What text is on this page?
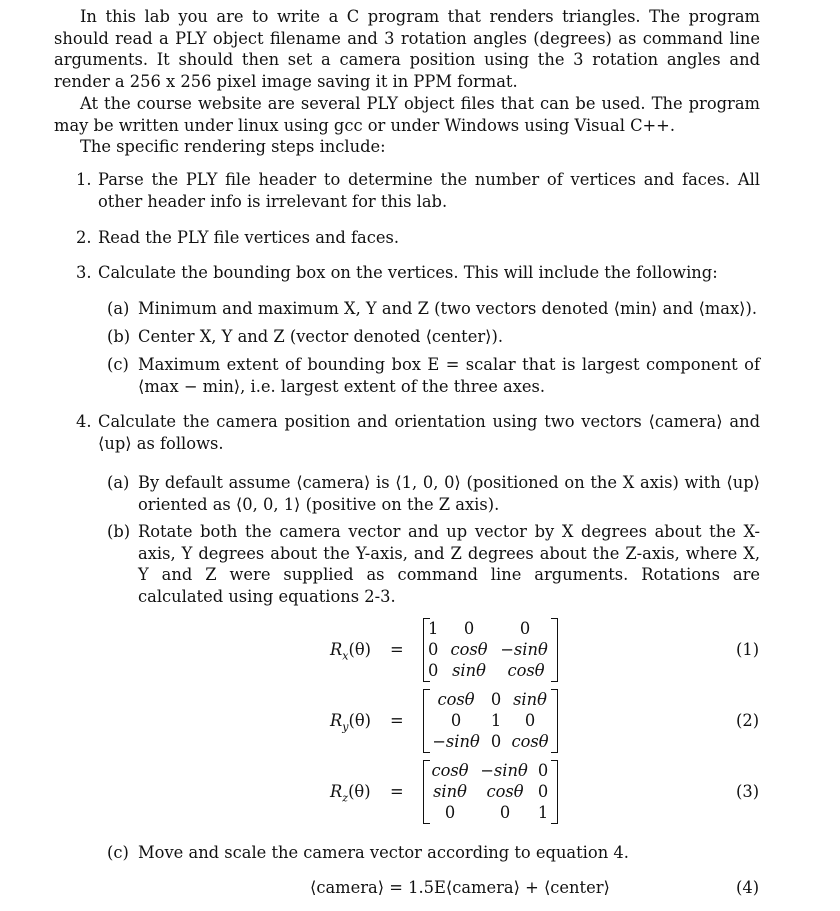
In this lab you are to write a C program that renders triangles. The program should read a PLY object filename and 3 rotation angles (degrees) as command line arguments. It should then set a camera position using the 3 rotation angles and render a 256 x 256 pixel image saving it in PPM format.

At the course website are several PLY object files that can be used. The program may be written under linux using gcc or under Windows using Visual C++.

The specific rendering steps include:

1. Parse the PLY file header to determine the number of vertices and faces. All other header info is irrelevant for this lab.
2. Read the PLY file vertices and faces.
3. Calculate the bounding box on the vertices. This will include the following:
(a) Minimum and maximum X, Y and Z (two vectors denoted ⟨min⟩ and ⟨max⟩).
(b) Center X, Y and Z (vector denoted ⟨center⟩).
(c) Maximum extent of bounding box E = scalar that is largest component of ⟨max − min⟩, i.e. largest extent of the three axes.
4. Calculate the camera position and orientation using two vectors ⟨camera⟩ and ⟨up⟩ as follows.
(a) By default assume ⟨camera⟩ is ⟨1, 0, 0⟩ (positioned on the X axis) with ⟨up⟩ oriented as ⟨0, 0, 1⟩ (positive on the Z axis).
(b) Rotate both the camera vector and up vector by X degrees about the X-axis, Y degrees about the Y-axis, and Z degrees about the Z-axis, where X, Y and Z were supplied as command line arguments. Rotations are calculated using equations 2-3.
$R_x(\theta)$ =
1	0	0
0 cosθ −sinθ
0 sinθ	cosθ
(1)
$R_y(\theta)$ =
cosθ 0 sinθ
0	1	0
−sinθ 0 cosθ
(2)
$R_z(\theta)$ =
cosθ −sinθ 0
sinθ	cosθ 0
0	0	1
(3)
(c) Move and scale the camera vector according to equation 4.
⟨camera⟩ = 1.5E⟨camera⟩ + ⟨center⟩	(4)
